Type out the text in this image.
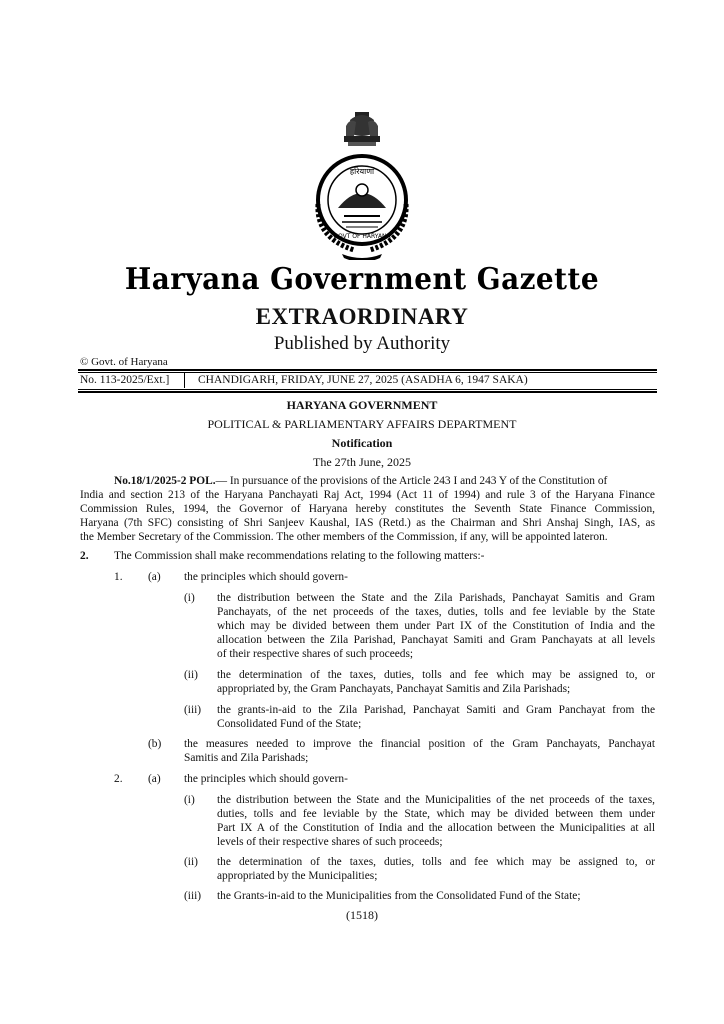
हरियाणा
GOVT OF HARYANA
Haryana Government Gazette
EXTRAORDINARY
Published by Authority
© Govt. of Haryana
No. 113-2025/Ext.] CHANDIGARH, FRIDAY, JUNE 27, 2025 (ASADHA 6, 1947 SAKA)
HARYANA GOVERNMENT
POLITICAL & PARLIAMENTARY AFFAIRS DEPARTMENT
Notification
The 27th June, 2025
No.18/1/2025-2 POL.— In pursuance of the provisions of the Article 243 I and 243 Y of the Constitution of
India and section 213 of the Haryana Panchayati Raj Act, 1994 (Act 11 of 1994) and rule 3 of the Haryana Finance
Commission Rules, 1994, the Governor of Haryana hereby constitutes the Seventh State Finance Commission,
Haryana (7th SFC) consisting of Shri Sanjeev Kaushal, IAS (Retd.) as the Chairman and Shri Anshaj Singh, IAS, as
the Member Secretary of the Commission. The other members of the Commission, if any, will be appointed lateron.
2. The Commission shall make recommendations relating to the following matters:-
1. (a) the principles which should govern-
(i) the distribution between the State and the Zila Parishads, Panchayat Samitis and Gram
Panchayats, of the net proceeds of the taxes, duties, tolls and fee leviable by the State
which may be divided between them under Part IX of the Constitution of India and the
allocation between the Zila Parishad, Panchayat Samiti and Gram Panchayats at all levels
of their respective shares of such proceeds;
(ii) the determination of the taxes, duties, tolls and fee which may be assigned to, or
appropriated by, the Gram Panchayats, Panchayat Samitis and Zila Parishads;
(iii) the grants-in-aid to the Zila Parishad, Panchayat Samiti and Gram Panchayat from the
Consolidated Fund of the State;
(b) the measures needed to improve the financial position of the Gram Panchayats, Panchayat
Samitis and Zila Parishads;
2. (a) the principles which should govern-
(i) the distribution between the State and the Municipalities of the net proceeds of the taxes,
duties, tolls and fee leviable by the State, which may be divided between them under
Part IX A of the Constitution of India and the allocation between the Municipalities at all
levels of their respective shares of such proceeds;
(ii) the determination of the taxes, duties, tolls and fee which may be assigned to, or
appropriated by the Municipalities;
(iii) the Grants-in-aid to the Municipalities from the Consolidated Fund of the State;
(1518)
